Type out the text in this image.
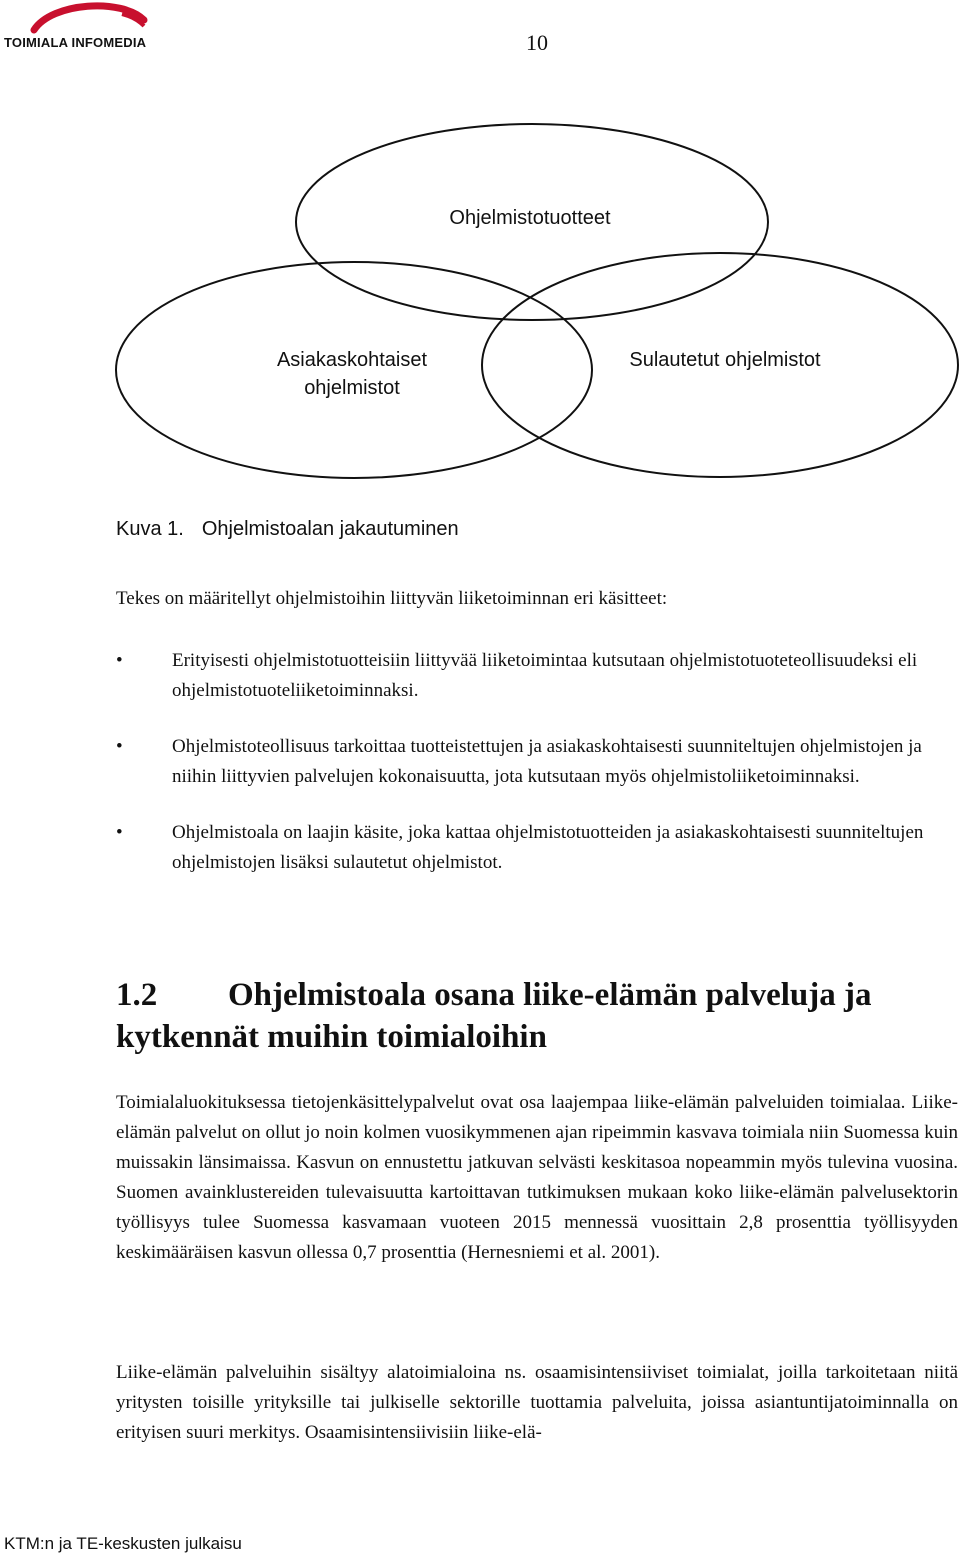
TOIMIALA INFOMEDIA	10
Ohjelmistotuotteet
Asiakaskohtaiset
ohjelmistot
Sulautetut ohjelmistot
Kuva 1. Ohjelmistoalan jakautuminen
Tekes on määritellyt ohjelmistoihin liittyvän liiketoiminnan eri käsitteet:
•	Erityisesti ohjelmistotuotteisiin liittyvää liiketoimintaa kutsutaan ohjelmistotuoteteollisuudeksi eli ohjelmistotuoteliiketoiminnaksi.
•	Ohjelmistoteollisuus tarkoittaa tuotteistettujen ja asiakaskohtaisesti suunniteltujen ohjelmistojen ja niihin liittyvien palvelujen kokonaisuutta, jota kutsutaan myös ohjelmistoliiketoiminnaksi.
•	Ohjelmistoala on laajin käsite, joka kattaa ohjelmistotuotteiden ja asiakaskohtaisesti suunniteltujen ohjelmistojen lisäksi sulautetut ohjelmistot.
1.2 Ohjelmistoala osana liike-elämän palveluja ja kytkennät muihin toimialoihin
Toimialaluokituksessa tietojenkäsittelypalvelut ovat osa laajempaa liike-elämän palveluiden toimialaa. Liike-elämän palvelut on ollut jo noin kolmen vuosikymmenen ajan ripeimmin kasvava toimiala niin Suomessa kuin muissakin länsimaissa. Kasvun on ennustettu jatkuvan selvästi keskitasoa nopeammin myös tulevina vuosina. Suomen avainklustereiden tulevaisuutta kartoittavan tutkimuksen mukaan koko liike-elämän palvelusektorin työllisyys tulee Suomessa kasvamaan vuoteen 2015 mennessä vuosittain 2,8 prosenttia työllisyyden keskimääräisen kasvun ollessa 0,7 prosenttia (Hernesniemi et al. 2001).
Liike-elämän palveluihin sisältyy alatoimialoina ns. osaamisintensiiviset toimialat, joilla tarkoitetaan niitä yritysten toisille yrityksille tai julkiselle sektorille tuottamia palveluita, joissa asiantuntijatoiminnalla on erityisen suuri merkitys. Osaamisintensiivisiin liike-elä-
KTM:n ja TE-keskusten julkaisu
